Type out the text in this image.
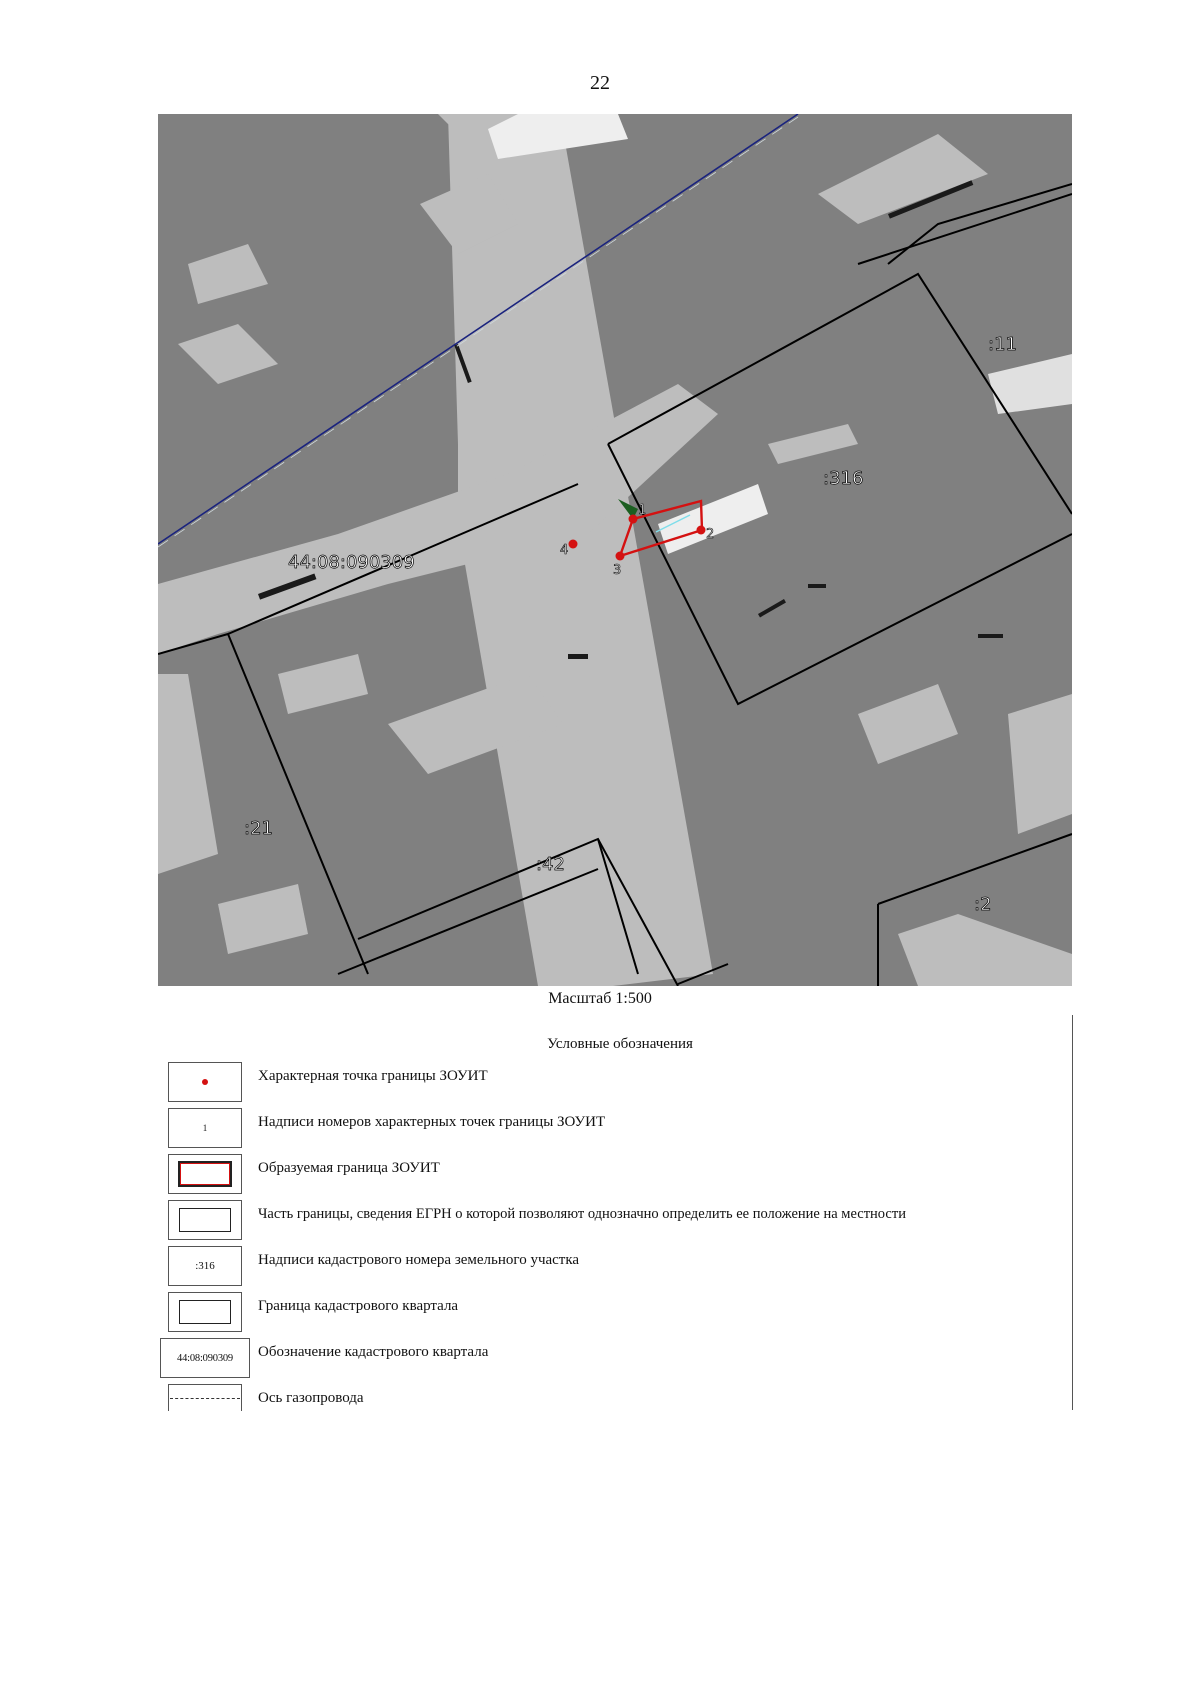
22
1
2
3
4
:11
:316
44:08:090309
:21
:42
:2
Масштаб 1:500
Условные обозначения
Характерная точка границы ЗОУИТ
1	Надписи номеров характерных точек границы ЗОУИТ
Образуемая граница ЗОУИТ
Часть границы, сведения ЕГРН о которой позволяют однозначно определить ее положение на местности
:316	Надписи кадастрового номера земельного участка
Граница кадастрового квартала
44:08:090309 Обозначение кадастрового квартала
Ось газопровода
